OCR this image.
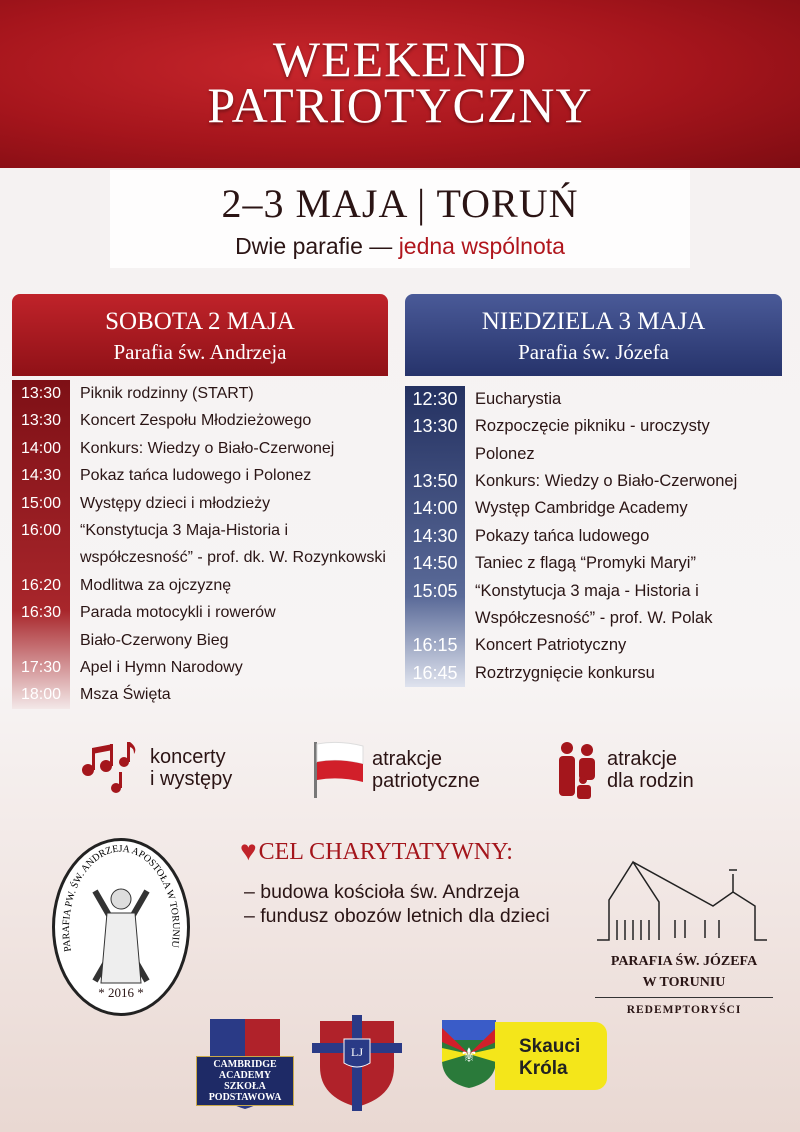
WEEKEND
PATRIOTYCZNY
2–3 MAJA | TORUŃ
Dwie parafie — jedna wspólnota
SOBOTA 2 MAJA
Parafia św. Andrzeja
NIEDZIELA 3 MAJA
Parafia św. Józefa
13:30	Piknik rodzinny (START)
13:30	Koncert Zespołu Młodzieżowego
14:00	Konkurs: Wiedzy o Biało-Czerwonej
14:30	Pokaz tańca ludowego i Polonez
15:00	Występy dzieci i młodzieży
16:00	“Konstytucja 3 Maja-Historia i
współczesność” - prof. dk. W. Rozynkowski
16:20	Modlitwa za ojczyznę
16:30	Parada motocykli i rowerów
Biało-Czerwony Bieg
17:30	Apel i Hymn Narodowy
18:00	Msza Święta
12:30	Eucharystia
13:30	Rozpoczęcie pikniku - uroczysty
Polonez
13:50	Konkurs: Wiedzy o Biało-Czerwonej
14:00	Występ Cambridge Academy
14:30	Pokazy tańca ludowego
14:50	Taniec z flagą “Promyki Maryi”
15:05	“Konstytucja 3 maja - Historia i
Współczesność” - prof. W. Polak
16:15	Koncert Patriotyczny
16:45	Roztrzygnięcie konkursu
koncerty
i występy
atrakcje
patriotyczne
atrakcje
dla rodzin
PARAFIA PW. ŚW. ANDRZEJA APOSTOŁA W TORUNIU
* 2016 *
♥ CEL CHARYTATYWNY:
– budowa kościoła św. Andrzeja
– fundusz obozów letnich dla dzieci
PARAFIA ŚW. JÓZEFA
W TORUNIU
REDEMPTORYŚCI
CAMBRIDGE ACADEMY SZKOŁA PODSTAWOWA
LJ	⚜ Skauci
Króla
